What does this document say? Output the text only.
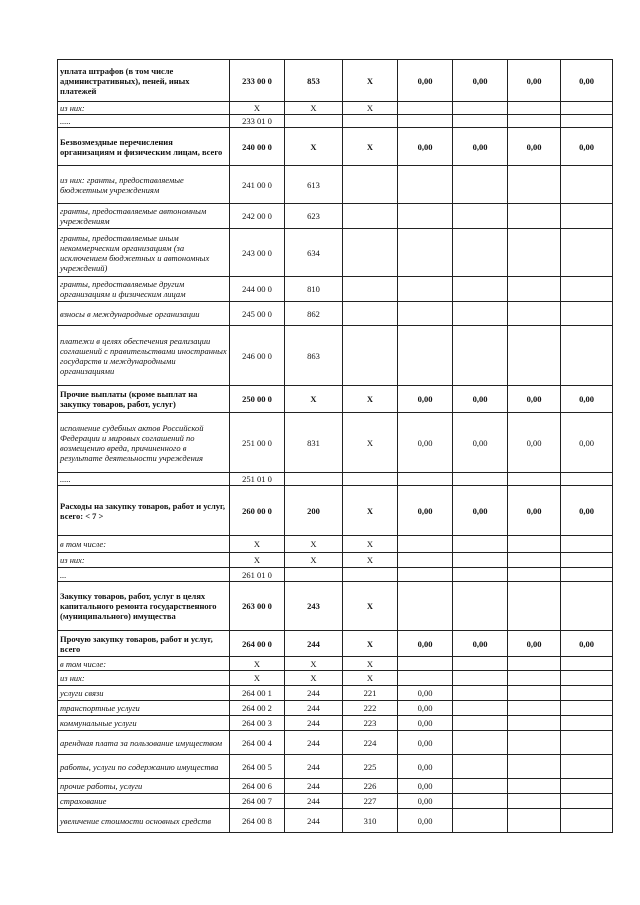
уплата штрафов (в том числе административных), пеней, иных платежей	233 00 0	853	X	0,00	0,00	0,00	0,00
из них:	X	X	X				
.....	233 01 0						
Безвозмездные перечисления организациям и физическим лицам, всего	240 00 0	X	X	0,00	0,00	0,00	0,00
из них: гранты, предоставляемые бюджетным учреждениям	241 00 0	613					
гранты, предоставляемые автономным учреждениям	242 00 0	623					
гранты, предоставляемые иным некоммерческим организациям (за исключением бюджетных и автономных учреждений)	243 00 0	634					
гранты, предоставляемые другим организациям и физическим лицам	244 00 0	810					
взносы в международные организации	245 00 0	862					
платежи в целях обеспечения реализации соглашений с правительствами иностранных государств и международными организациями	246 00 0	863					
Прочие выплаты (кроме выплат на закупку товаров, работ, услуг)	250 00 0	X	X	0,00	0,00	0,00	0,00
исполнение судебных актов Российской Федерации и мировых соглашений по возмещению вреда, причиненного в результате деятельности учреждения	251 00 0	831	X	0,00	0,00	0,00	0,00
.....	251 01 0						
Расходы на закупку товаров, работ и услуг, всего: < 7 >	260 00 0	200	X	0,00	0,00	0,00	0,00
в том числе:	X	X	X				
из них:	X	X	X				
...	261 01 0						
Закупку товаров, работ, услуг в целях капитального ремонта государственного (муниципального) имущества	263 00 0	243	X				
Прочую закупку товаров, работ и услуг, всего	264 00 0	244	X	0,00	0,00	0,00	0,00
в том числе:	X	X	X				
из них:	X	X	X				
услуги связи	264 00 1	244	221	0,00			
транспортные услуги	264 00 2	244	222	0,00			
коммунальные услуги	264 00 3	244	223	0,00			
арендная плата за пользование имуществом	264 00 4	244	224	0,00			
работы, услуги по содержанию имущества	264 00 5	244	225	0,00			
прочие работы, услуги	264 00 6	244	226	0,00			
страхование	264 00 7	244	227	0,00			
увеличение стоимости основных средств	264 00 8	244	310	0,00			
